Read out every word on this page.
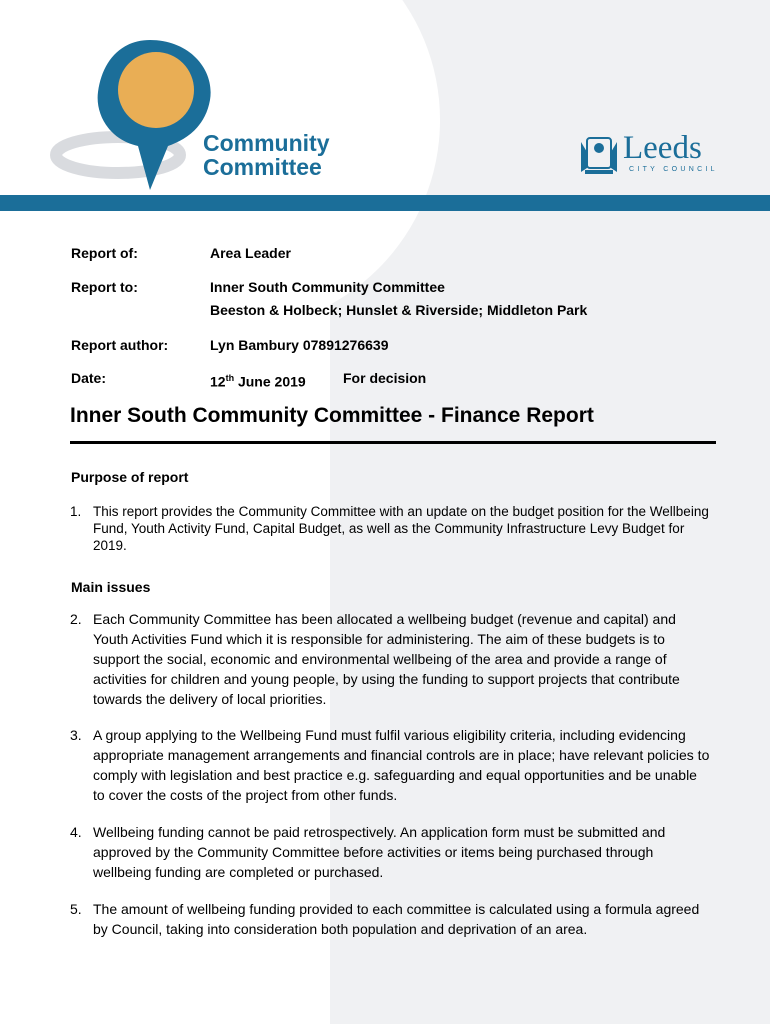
Community
Committee
Leeds
CITY COUNCIL
Report of:	Area Leader
Report to:	Inner South Community Committee
Beeston & Holbeck; Hunslet & Riverside; Middleton Park
Report author:	Lyn Bambury 07891276639
Date:	12th June 2019	For decision
Inner South Community Committee - Finance Report
Purpose of report
1. This report provides the Community Committee with an update on the budget position for the Wellbeing Fund, Youth Activity Fund, Capital Budget, as well as the Community Infrastructure Levy Budget for 2019.
Main issues
2. Each Community Committee has been allocated a wellbeing budget (revenue and capital) and Youth Activities Fund which it is responsible for administering. The aim of these budgets is to support the social, economic and environmental wellbeing of the area and provide a range of activities for children and young people, by using the funding to support projects that contribute towards the delivery of local priorities.
3. A group applying to the Wellbeing Fund must fulfil various eligibility criteria, including evidencing appropriate management arrangements and financial controls are in place; have relevant policies to comply with legislation and best practice e.g. safeguarding and equal opportunities and be unable to cover the costs of the project from other funds.
4. Wellbeing funding cannot be paid retrospectively. An application form must be submitted and approved by the Community Committee before activities or items being purchased through wellbeing funding are completed or purchased.
5. The amount of wellbeing funding provided to each committee is calculated using a formula agreed by Council, taking into consideration both population and deprivation of an area.
